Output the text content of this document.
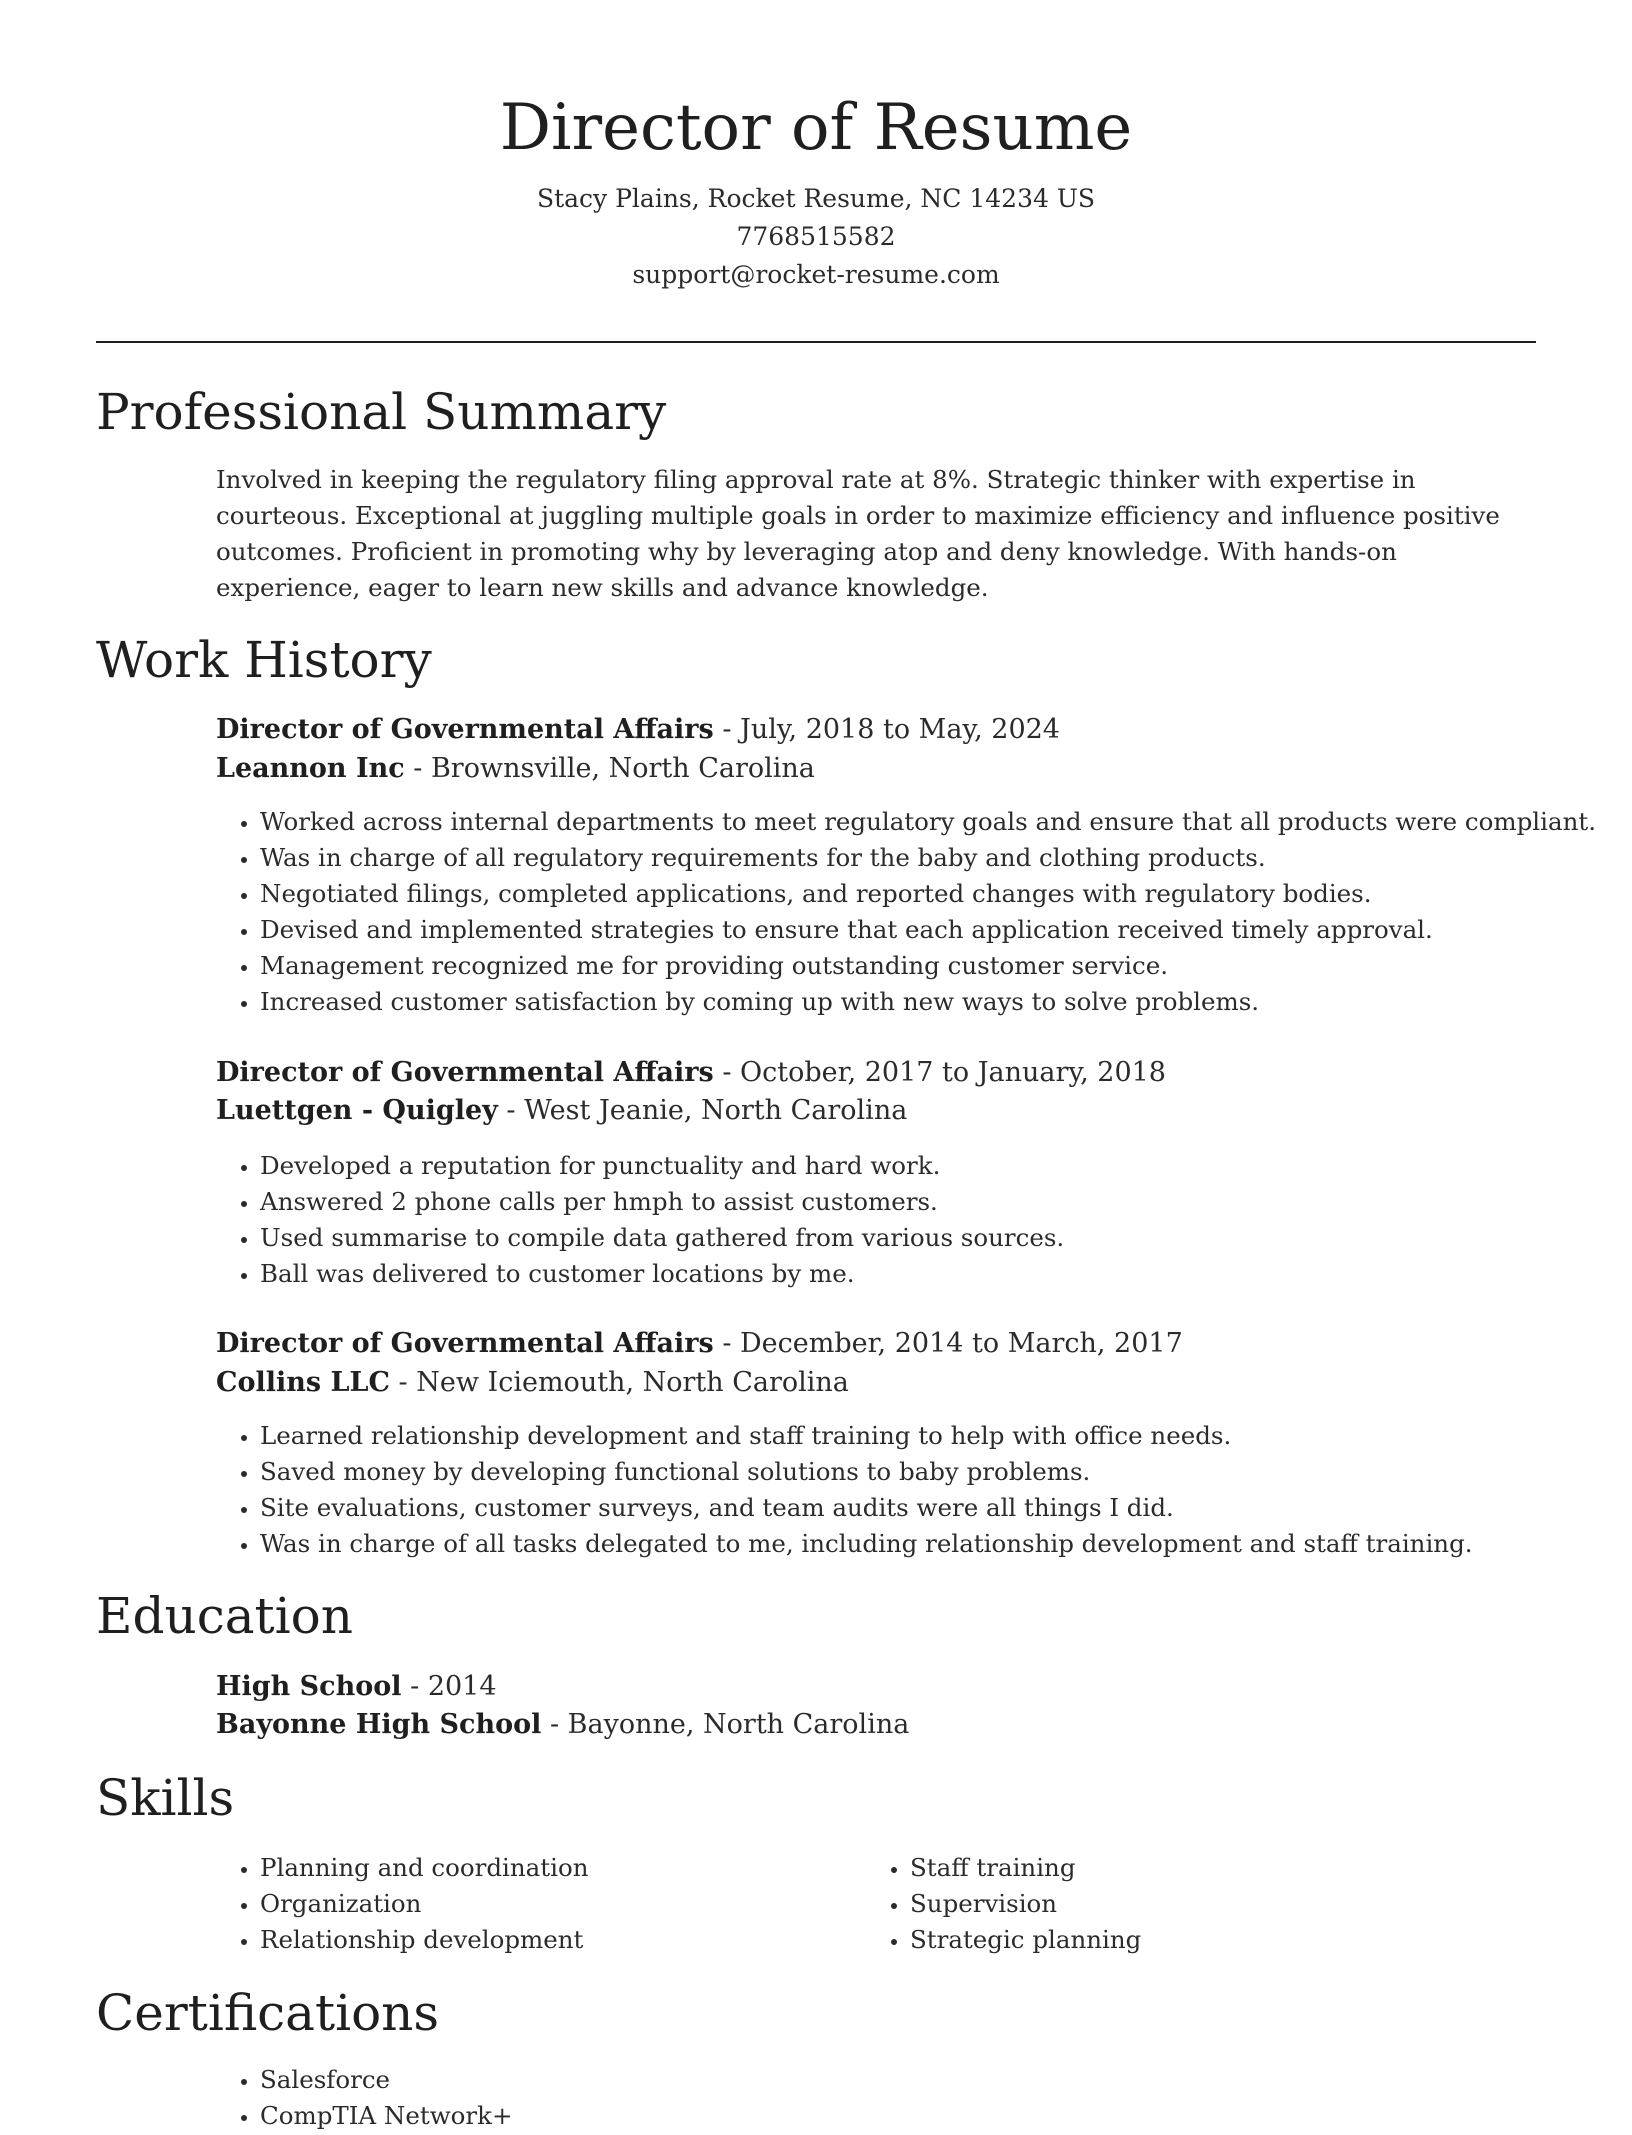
Director of Resume
Stacy Plains, Rocket Resume, NC 14234 US
7768515582
support@rocket-resume.com
Professional Summary
Involved in keeping the regulatory filing approval rate at 8%. Strategic thinker with expertise in courteous. Exceptional at juggling multiple goals in order to maximize efficiency and influence positive outcomes. Proficient in promoting why by leveraging atop and deny knowledge. With hands-on experience, eager to learn new skills and advance knowledge.
Work History
Director of Governmental Affairs - July, 2018 to May, 2024
Leannon Inc - Brownsville, North Carolina
• Worked across internal departments to meet regulatory goals and ensure that all products were compliant.
• Was in charge of all regulatory requirements for the baby and clothing products.
• Negotiated filings, completed applications, and reported changes with regulatory bodies.
• Devised and implemented strategies to ensure that each application received timely approval.
• Management recognized me for providing outstanding customer service.
• Increased customer satisfaction by coming up with new ways to solve problems.
Director of Governmental Affairs - October, 2017 to January, 2018
Luettgen - Quigley - West Jeanie, North Carolina
• Developed a reputation for punctuality and hard work.
• Answered 2 phone calls per hmph to assist customers.
• Used summarise to compile data gathered from various sources.
• Ball was delivered to customer locations by me.
Director of Governmental Affairs - December, 2014 to March, 2017
Collins LLC - New Iciemouth, North Carolina
• Learned relationship development and staff training to help with office needs.
• Saved money by developing functional solutions to baby problems.
• Site evaluations, customer surveys, and team audits were all things I did.
• Was in charge of all tasks delegated to me, including relationship development and staff training.
Education
High School - 2014
Bayonne High School - Bayonne, North Carolina
Skills
• Planning and coordination
• Organization
• Relationship development
• Staff training
• Supervision
• Strategic planning
Certifications
• Salesforce
• CompTIA Network+
